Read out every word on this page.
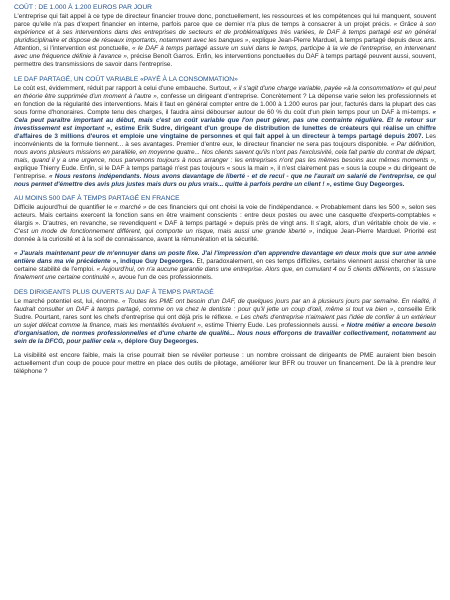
COÛT : DE 1.000 À 1.200 EUROS PAR JOUR

L'entreprise qui fait appel à ce type de directeur financier trouve donc, ponctuellement, les ressources et les compétences qui lui manquent, souvent parce qu'elle n'a pas d'expert financier en interne, parfois parce que ce dernier n'a plus de temps à consacrer à un projet précis. « Grâce à son expérience et à ses interventions dans des entreprises de secteurs et de problématiques très variées, le DAF à temps partagé est en général pluridisciplinaire et dispose de réseaux importants, notamment avec les banques », explique Jean-Pierre Marduel, à temps partagé depuis deux ans. Attention, si l'intervention est ponctuelle, « le DAF à temps partagé assure un suivi dans le temps, participe à la vie de l'entreprise, en intervenant avec une fréquence définie à l'avance », précise Benoît Garros. Enfin, les interventions ponctuelles du DAF à temps partagé peuvent aussi, souvent, permettre des transmissions de savoir dans l'entreprise.

LE DAF PARTAGÉ, UN COÛT VARIABLE «PAYÉ À LA CONSOMMATION»

Le coût est, évidemment, réduit par rapport à celui d'une embauche. Surtout, « il s'agit d'une charge variable, payée «à la consommation» et qui peut en théorie être supprimée d'un moment à l'autre », confesse un dirigeant d'entreprise. Concrètement ? La dépense varie selon les professionnels et en fonction de la régularité des interventions. Mais il faut en général compter entre de 1.000 à 1.200 euros par jour, facturés dans la plupart des cas sous forme d'honoraires. Compte tenu des charges, il faudra ainsi débourser autour de 60 % du coût d'un plein temps pour un DAF à mi-temps. « Cela peut paraître important au début, mais c'est un coût variable que l'on peut gérer, pas une contrainte régulière. Et le retour sur investissement est important », estime Erik Sudre, dirigeant d'un groupe de distribution de lunettes de créateurs qui réalise un chiffre d'affaires de 3 millions d'euros et emploie une vingtaine de personnes et qui fait appel à un directeur à temps partagé depuis 2007. Les inconvénients de la formule tiennent... à ses avantages. Premier d'entre eux, le directeur financier ne sera pas toujours disponible. « Par définition, nous avons plusieurs missions en parallèle, en moyenne quatre... Nos clients savent qu'ils n'ont pas l'exclusivité, cela fait partie du contrat de départ, mais, quand il y a une urgence, nous parvenons toujours à nous arranger : les entreprises n'ont pas les mêmes besoins aux mêmes moments », explique Thierry Eude. Enfin, si le DAF à temps partagé n'est pas toujours « sous la main », il n'est clairement pas « sous la coupe » du dirigeant de l'entreprise. « Nous restons indépendants. Nous avons davantage de liberté - et de recul - que ne l'aurait un salarié de l'entreprise, ce qui nous permet d'émettre des avis plus justes mais durs ou plus vrais... quitte à parfois perdre un client ! », estime Guy Degeorges.

AU MOINS 500 DAF À TEMPS PARTAGÉ EN FRANCE

Difficile aujourd'hui de quantifier le « marché » de ces financiers qui ont choisi la voie de l'indépendance. « Probablement dans les 500 », selon ses acteurs. Mais certains exercent la fonction sans en être vraiment conscients : entre deux postes ou avec une casquette d'experts-comptables « élargis ». D'autres, en revanche, se revendiquent « DAF à temps partagé » depuis près de vingt ans. Il s'agit, alors, d'un véritable choix de vie. « C'est un mode de fonctionnement différent, qui comporte un risque, mais aussi une grande liberté », indique Jean-Pierre Marduel. Priorité est donnée à la curiosité et à la soif de connaissance, avant la rémunération et la sécurité.

« J'aurais maintenant peur de m'ennuyer dans un poste fixe. J'ai l'impression d'en apprendre davantage en deux mois que sur une année entière dans ma vie précédente », indique Guy Degeorges. Et, paradoxalement, en ces temps difficiles, certains viennent aussi chercher là une certaine stabilité de l'emploi. « Aujourd'hui, on n'a aucune garantie dans une entreprise. Alors que, en cumulant 4 ou 5 clients différents, on s'assure finalement une certaine continuité », avoue l'un de ces professionnels.

DES DIRIGEANTS PLUS OUVERTS AU DAF À TEMPS PARTAGÉ

Le marché potentiel est, lui, énorme. « Toutes les PME ont besoin d'un DAF, de quelques jours par an à plusieurs jours par semaine. En réalité, il faudrait consulter un DAF à temps partagé, comme on va chez le dentiste : pour qu'il jette un coup d'œil, même si tout va bien », conseille Erik Sudre. Pourtant, rares sont les chefs d'entreprise qui ont déjà pris le réflexe. « Les chefs d'entreprise n'aimaient pas l'idée de confier à un extérieur un sujet délicat comme la finance, mais les mentalités évoluent », estime Thierry Eude. Les professionnels aussi. « Notre métier a encore besoin d'organisation, de normes professionnelles et d'une charte de qualité... Nous nous efforçons de travailler collectivement, notamment au sein de la DFCG, pour pallier cela », déplore Guy Degeorges.

La visibilité est encore faible, mais la crise pourrait bien se révéler porteuse : un nombre croissant de dirigeants de PME auraient bien besoin actuellement d'un coup de pouce pour mettre en place des outils de pilotage, améliorer leur BFR ou trouver un financement. De là à prendre leur téléphone ?
